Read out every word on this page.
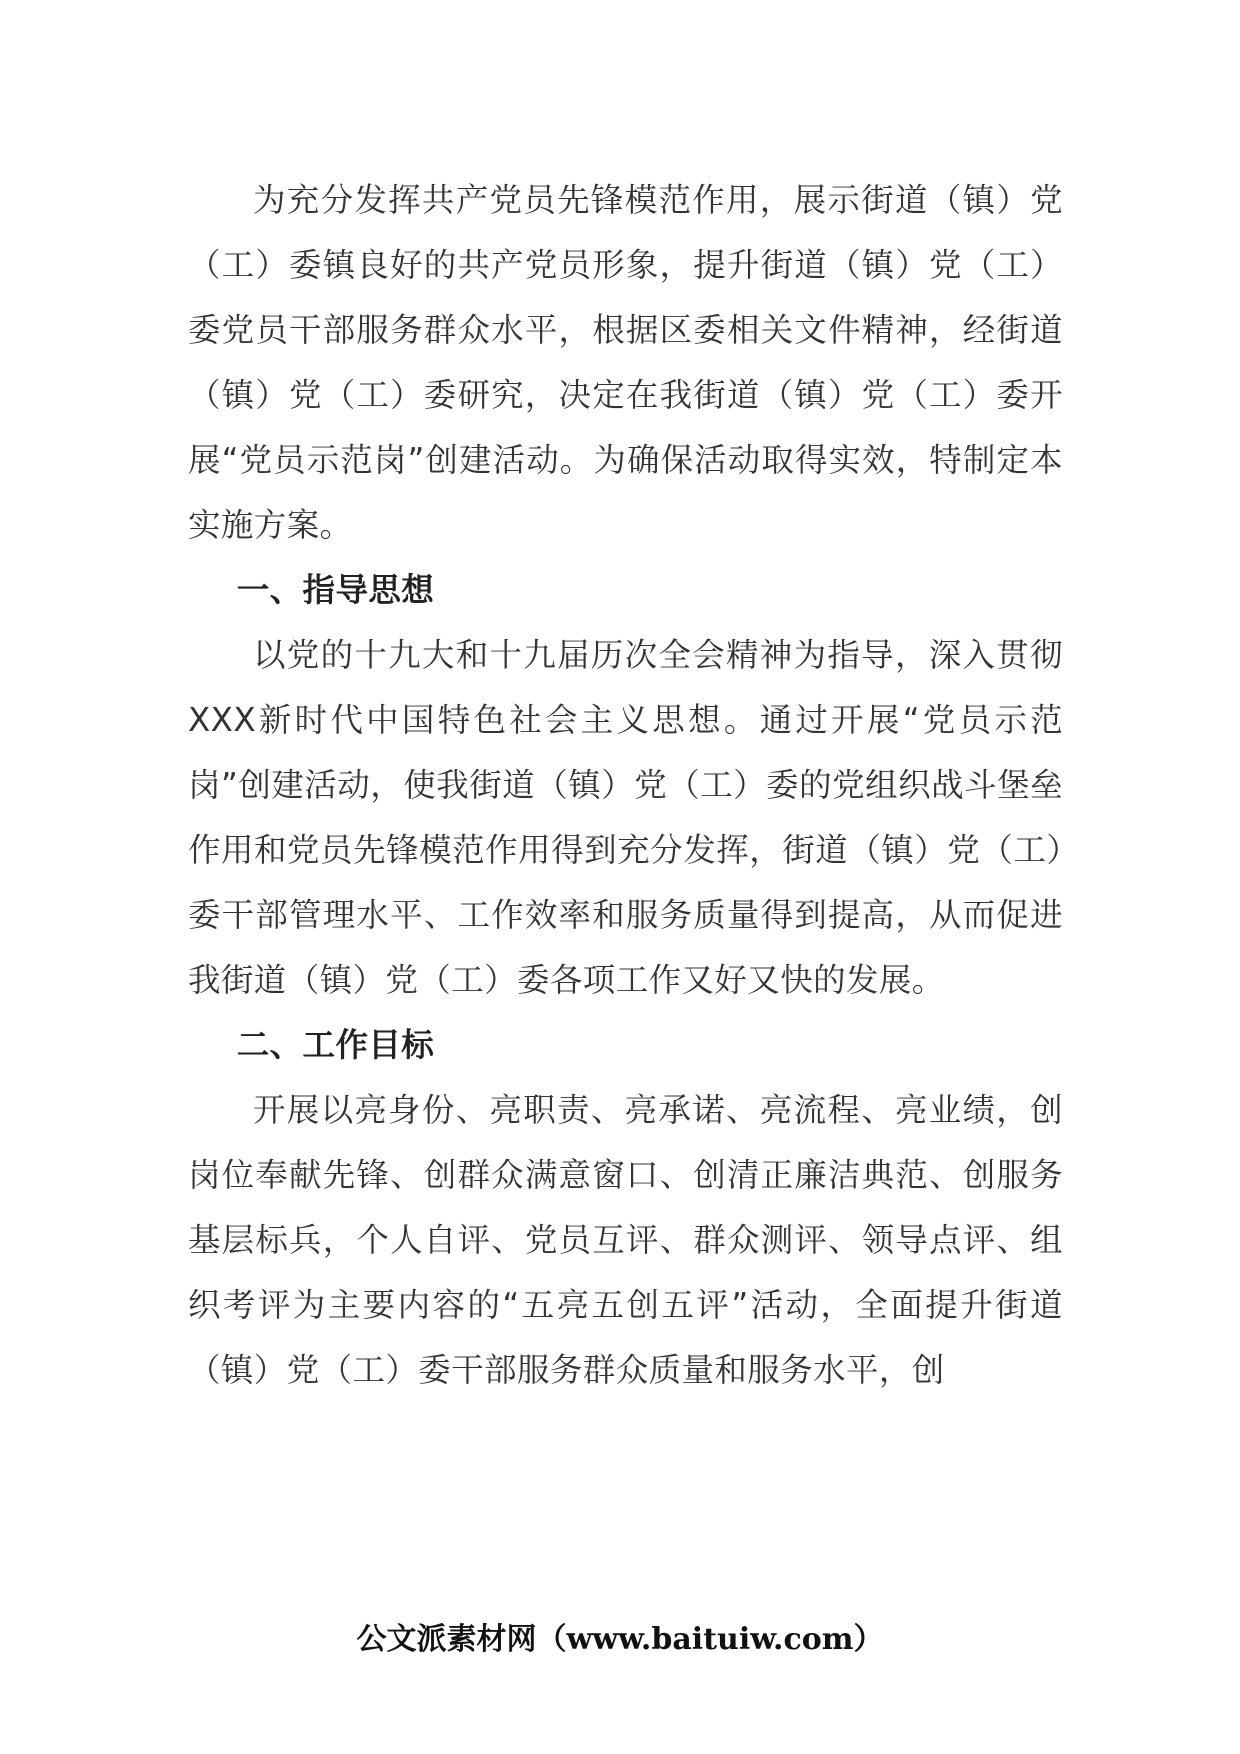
为充分发挥共产党员先锋模范作用，展示街道（镇）党（工）委镇良好的共产党员形象，提升街道（镇）党（工）委党员干部服务群众水平，根据区委相关文件精神，经街道（镇）党（工）委研究，决定在我街道（镇）党（工）委开展“党员示范岗”创建活动。为确保活动取得实效，特制定本实施方案。

一、指导思想

以党的十九大和十九届历次全会精神为指导，深入贯彻XXX新时代中国特色社会主义思想。通过开展“党员示范岗”创建活动，使我街道（镇）党（工）委的党组织战斗堡垒作用和党员先锋模范作用得到充分发挥，街道（镇）党（工）委干部管理水平、工作效率和服务质量得到提高，从而促进我街道（镇）党（工）委各项工作又好又快的发展。

二、工作目标

开展以亮身份、亮职责、亮承诺、亮流程、亮业绩，创岗位奉献先锋、创群众满意窗口、创清正廉洁典范、创服务基层标兵，个人自评、党员互评、群众测评、领导点评、组织考评为主要内容的“五亮五创五评”活动，全面提升街道（镇）党（工）委干部服务群众质量和服务水平，创

公文派素材网（www.baituiw.com）
